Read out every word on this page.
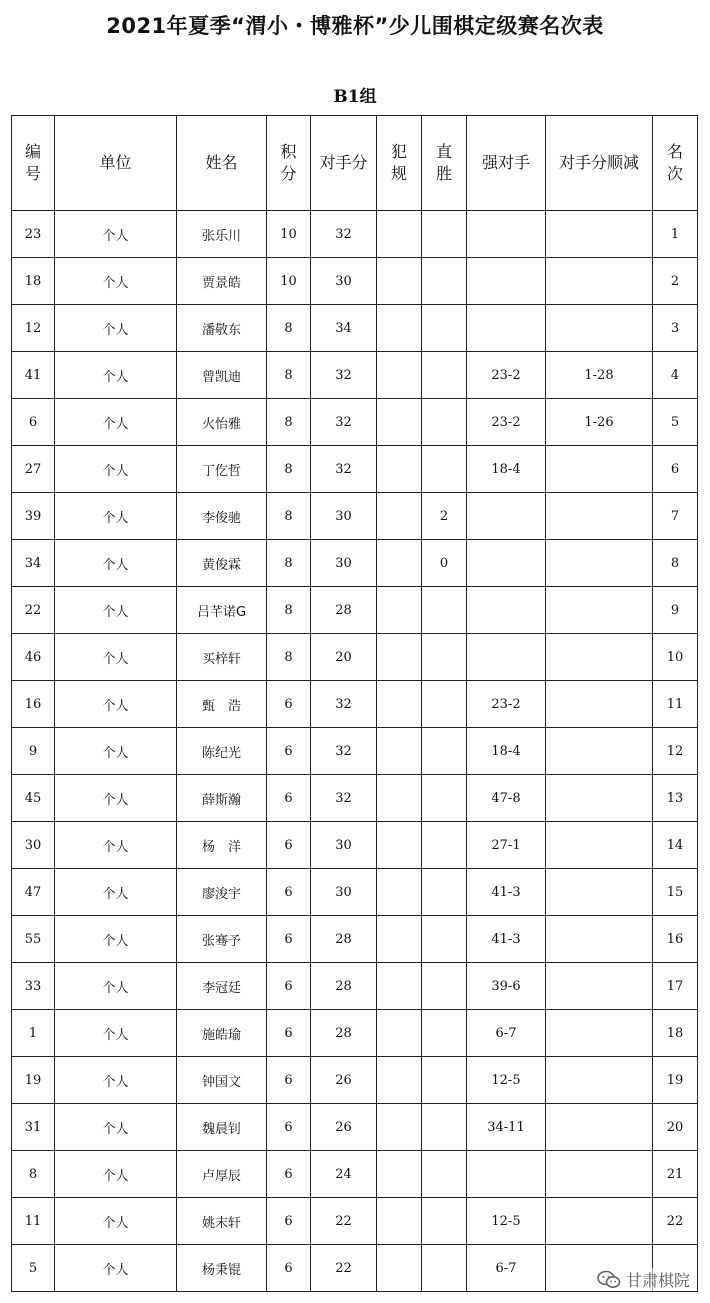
2021年夏季“渭小・博雅杯”少儿围棋定级赛名次表
B1组
编号	单位	姓名	积分	对手分	犯规	直胜	强对手	对手分顺减	名次
23	个人	张乐川	10	32					1
18	个人	贾景皓	10	30					2
12	个人	潘敬东	8	34					3
41	个人	曾凯迪	8	32			23-2	1-28	4
6	个人	火怡雅	8	32			23-2	1-26	5
27	个人	丁仡哲	8	32			18-4		6
39	个人	李俊驰	8	30		2			7
34	个人	黄俊霖	8	30		0			8
22	个人	吕芊诺G	8	28					9
46	个人	买梓轩	8	20					10
16	个人	甄　浩	6	32			23-2		11
9	个人	陈纪光	6	32			18-4		12
45	个人	薛斯瀚	6	32			47-8		13
30	个人	杨　洋	6	30			27-1		14
47	个人	廖浚宇	6	30			41-3		15
55	个人	张骞予	6	28			41-3		16
33	个人	李冠廷	6	28			39-6		17
1	个人	施皓瑜	6	28			6-7		18
19	个人	钟国文	6	26			12-5		19
31	个人	魏晨钊	6	26			34-11		20
8	个人	卢厚辰	6	24					21
11	个人	姚末轩	6	22			12-5		22
5	个人	杨秉锟	6	22			6-7		
甘肃棋院
